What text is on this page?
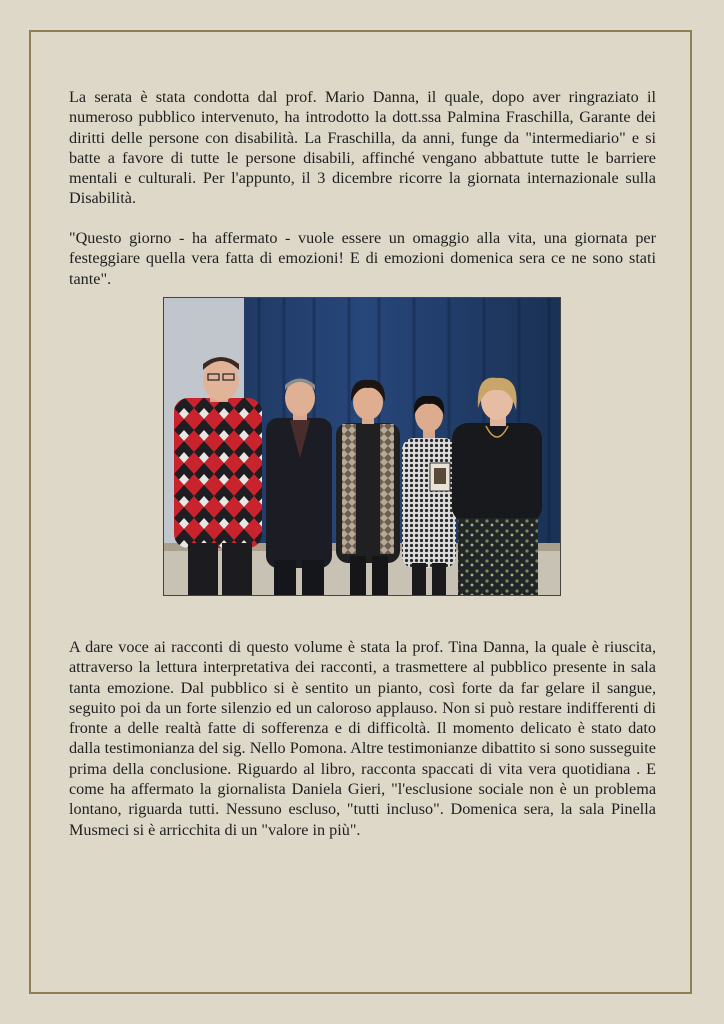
La serata è stata condotta dal prof. Mario Danna, il quale, dopo aver ringraziato il numeroso pubblico intervenuto, ha introdotto la dott.ssa Palmina Fraschilla, Garante dei diritti delle persone con disabilità. La Fraschilla, da anni, funge da "intermediario" e si batte a favore di tutte le persone disabili, affinché vengano abbattute tutte le barriere mentali e culturali. Per l'appunto, il 3 dicembre ricorre la giornata internazionale sulla Disabilità.

"Questo giorno - ha affermato - vuole essere un omaggio alla vita, una giornata per festeggiare quella vera fatta di emozioni! E di emozioni domenica sera ce ne sono stati tante".

A dare voce ai racconti di questo volume è stata la prof. Tina Danna, la quale è riuscita, attraverso la lettura interpretativa dei racconti, a trasmettere al pubblico presente in sala tanta emozione. Dal pubblico si è sentito un pianto, così forte da far gelare il sangue, seguito poi da un forte silenzio ed un caloroso applauso. Non si può restare indifferenti di fronte a delle realtà fatte di sofferenza e di difficoltà. Il momento delicato è stato dato dalla testimonianza del sig. Nello Pomona. Altre testimonianze dibattito si sono susseguite prima della conclusione. Riguardo al libro, racconta spaccati di vita vera quotidiana . E come ha affermato la giornalista Daniela Gieri, "l'esclusione sociale non è un problema lontano, riguarda tutti. Nessuno escluso, "tutti incluso". Domenica sera, la sala Pinella Musmeci si è arricchita di un "valore in più".
